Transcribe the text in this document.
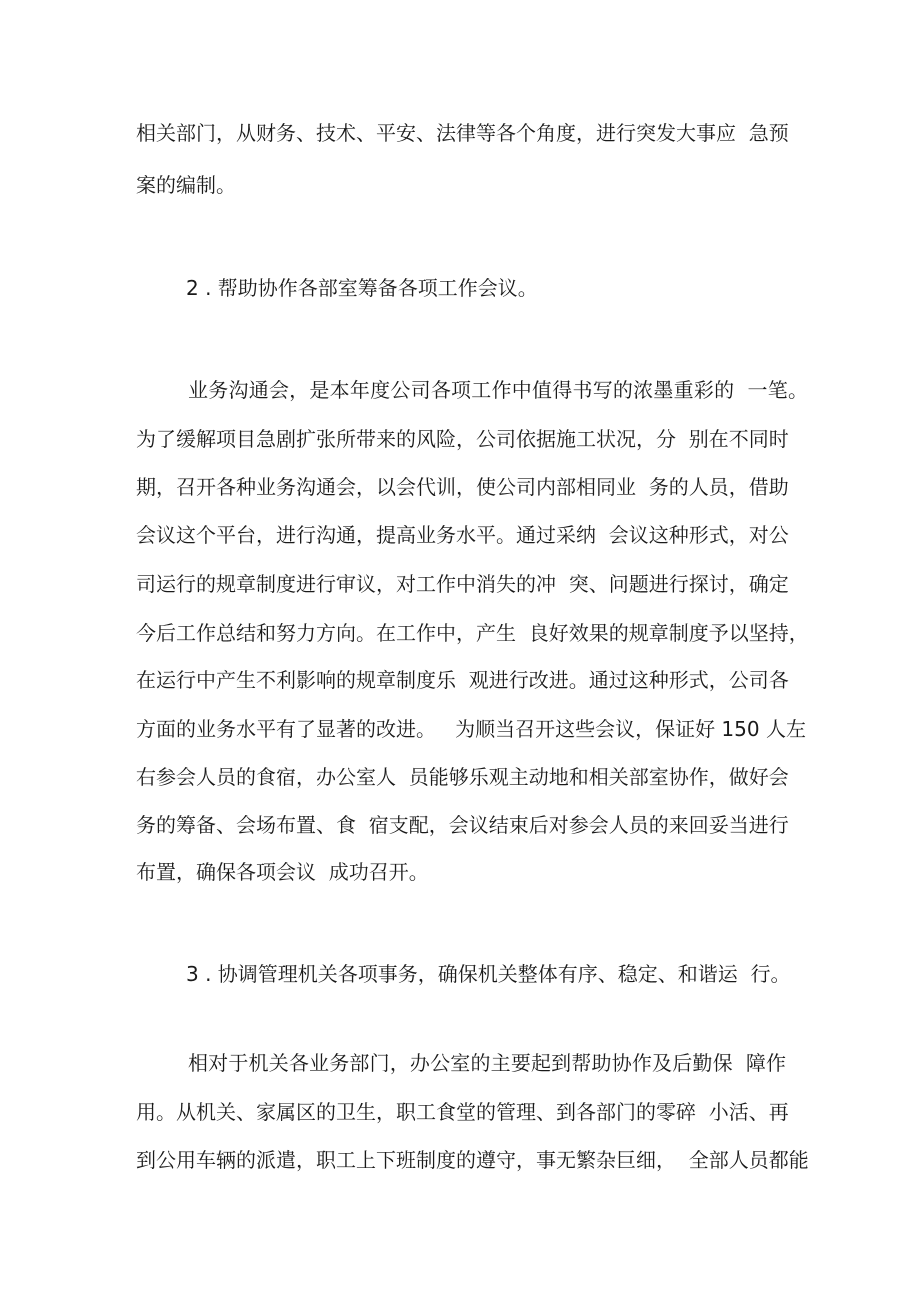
相关部门，从财务、技术、平安、法律等各个角度，进行突发大事应  急预

案的编制。

2 . 帮助协作各部室筹备各项工作会议。

业务沟通会，是本年度公司各项工作中值得书写的浓墨重彩的  一笔。

为了缓解项目急剧扩张所带来的风险，公司依据施工状况，分  别在不同时

期，召开各种业务沟通会，以会代训，使公司内部相同业  务的人员，借助

会议这个平台，进行沟通，提高业务水平。通过采纳  会议这种形式，对公

司运行的规章制度进行审议，对工作中消失的冲  突、问题进行探讨，确定

今后工作总结和努力方向。在工作中，产生  良好效果的规章制度予以坚持，

在运行中产生不利影响的规章制度乐  观进行改进。通过这种形式，公司各

方面的业务水平有了显著的改进。   为顺当召开这些会议，保证好 150 人左

右参会人员的食宿，办公室人  员能够乐观主动地和相关部室协作，做好会

务的筹备、会场布置、食  宿支配，会议结束后对参会人员的来回妥当进行

布置，确保各项会议  成功召开。

3 . 协调管理机关各项事务，确保机关整体有序、稳定、和谐运  行。

相对于机关各业务部门，办公室的主要起到帮助协作及后勤保  障作

用。从机关、家属区的卫生，职工食堂的管理、到各部门的零碎  小活、再

到公用车辆的派遣，职工上下班制度的遵守，事无繁杂巨细，  全部人员都能
